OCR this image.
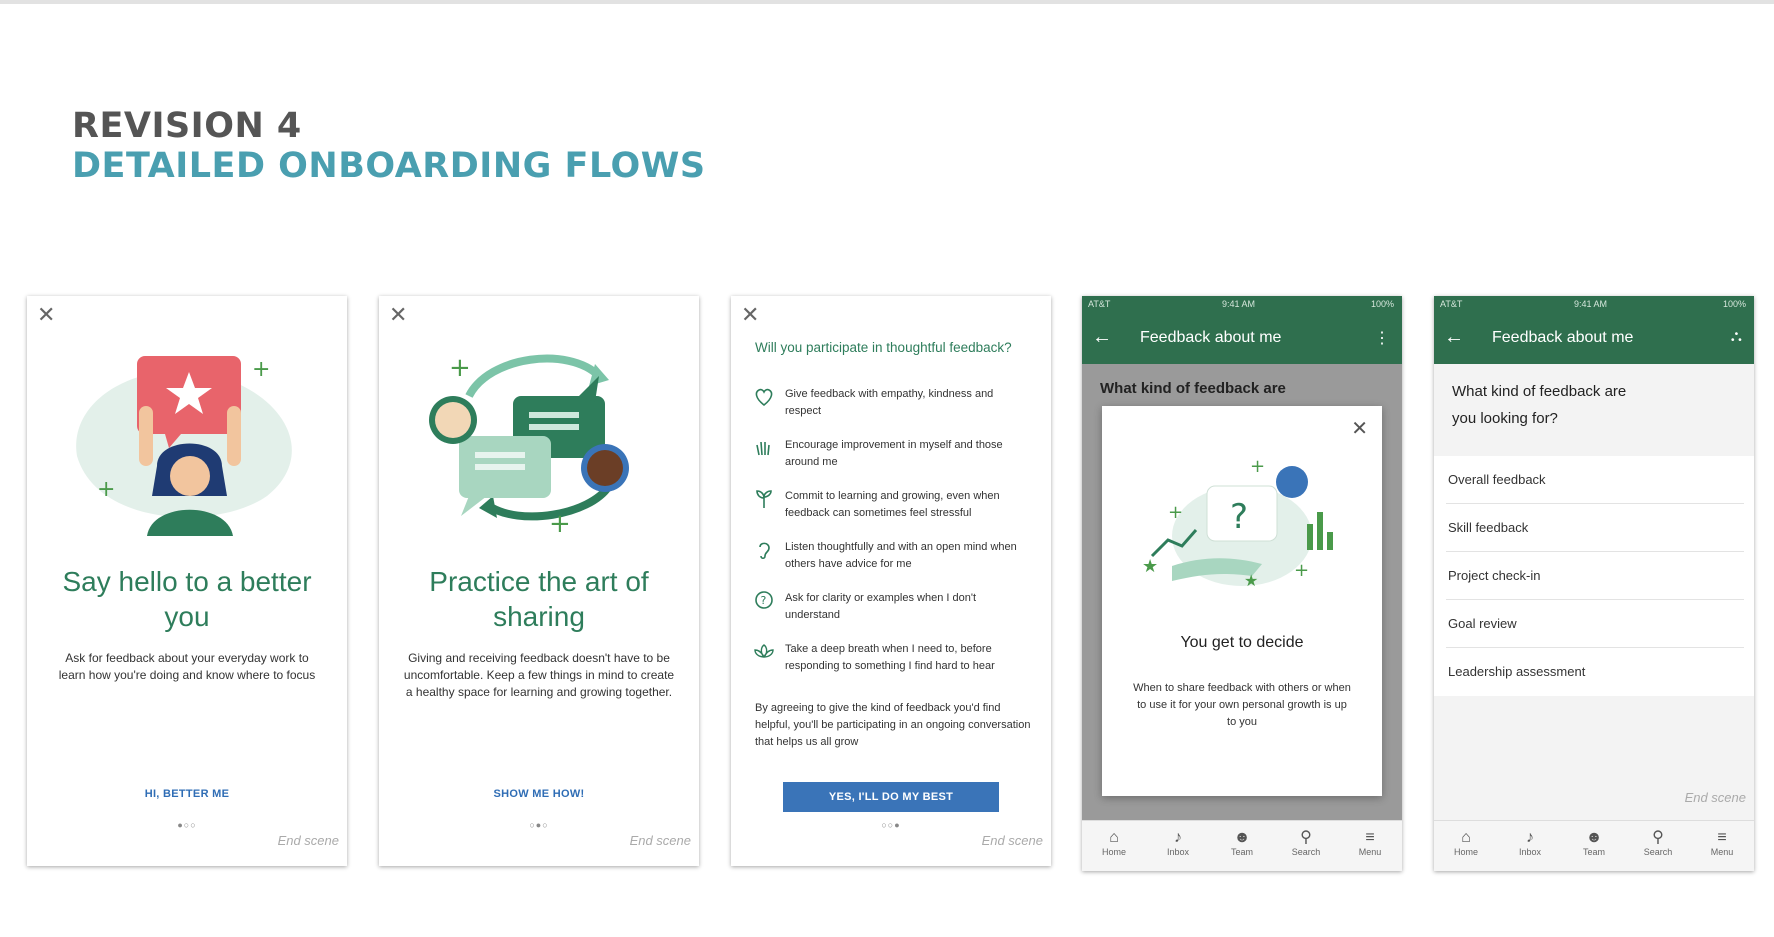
REVISION 4
DETAILED ONBOARDING FLOWS
✕
+
+
Say hello to a better you
Ask for feedback about your everyday work to learn how you're doing and know where to focus
HI, BETTER ME
●○○
End scene
✕
+
+
Practice the art of sharing
Giving and receiving feedback doesn't have to be uncomfortable. Keep a few things in mind to create a healthy space for learning and growing together.
SHOW ME HOW!
○●○
End scene
✕
Will you participate in thoughtful feedback?
Give feedback with empathy, kindness and respect
Encourage improvement in myself and those around me
Commit to learning and growing, even when feedback can sometimes feel stressful
Listen thoughtfully and with an open mind when others have advice for me
? Ask for clarity or examples when I don't understand
Take a deep breath when I need to, before responding to something I find hard to hear
By agreeing to give the kind of feedback you'd find helpful, you'll be participating in an ongoing conversation that helps us all grow
YES, I'LL DO MY BEST
○○●
End scene
AT&T	9:41 AM	100%
← Feedback about me	⋮
What kind of feedback are
✕
?
+
+
+
★
★
You get to decide
When to share feedback with others or when to use it for your own personal growth is up to you
⌂
Home
♪
Inbox
☻
Team
⚲
Search
≡
Menu
AT&T	9:41 AM	100%
← Feedback about me	⛬
What kind of feedback are you looking for?
Overall feedback
Skill feedback
Project check-in
Goal review
Leadership assessment
End scene
⌂
Home
♪
Inbox
☻
Team
⚲
Search
≡
Menu
